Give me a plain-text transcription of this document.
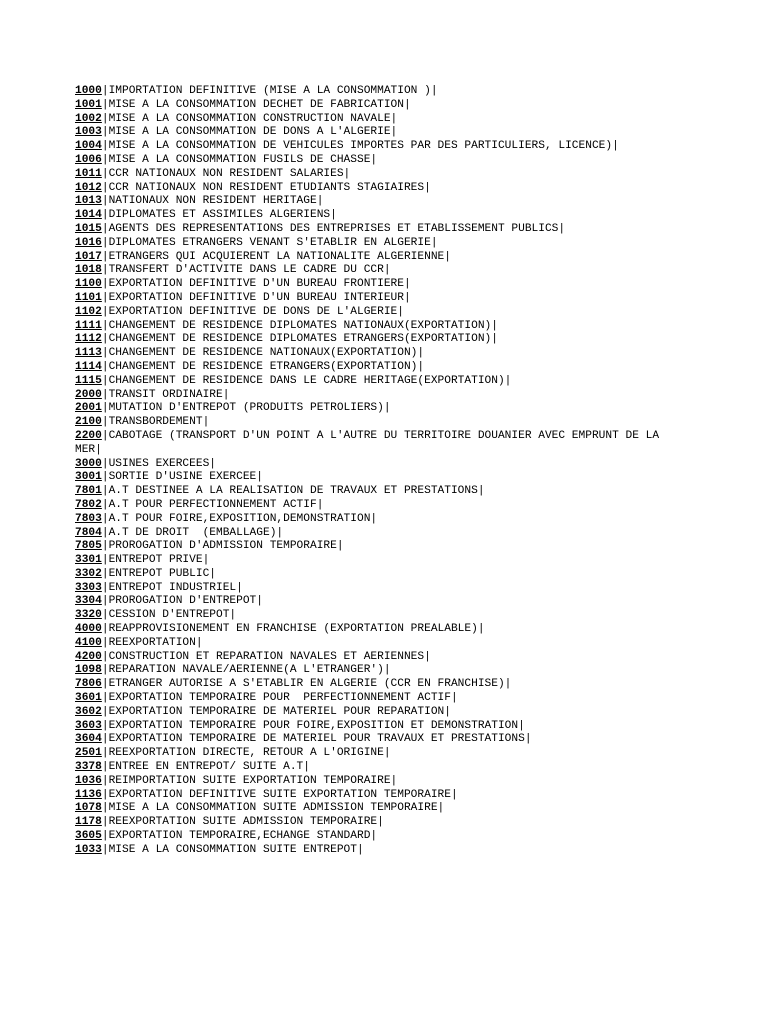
1000|IMPORTATION DEFINITIVE (MISE A LA CONSOMMATION )|
1001|MISE A LA CONSOMMATION DECHET DE FABRICATION|
1002|MISE A LA CONSOMMATION CONSTRUCTION NAVALE|
1003|MISE A LA CONSOMMATION DE DONS A L'ALGERIE|
1004|MISE A LA CONSOMMATION DE VEHICULES IMPORTES PAR DES PARTICULIERS, LICENCE)|
1006|MISE A LA CONSOMMATION FUSILS DE CHASSE|
1011|CCR NATIONAUX NON RESIDENT SALARIES|
1012|CCR NATIONAUX NON RESIDENT ETUDIANTS STAGIAIRES|
1013|NATIONAUX NON RESIDENT HERITAGE|
1014|DIPLOMATES ET ASSIMILES ALGERIENS|
1015|AGENTS DES REPRESENTATIONS DES ENTREPRISES ET ETABLISSEMENT PUBLICS|
1016|DIPLOMATES ETRANGERS VENANT S'ETABLIR EN ALGERIE|
1017|ETRANGERS QUI ACQUIERENT LA NATIONALITE ALGERIENNE|
1018|TRANSFERT D'ACTIVITE DANS LE CADRE DU CCR|
1100|EXPORTATION DEFINITIVE D'UN BUREAU FRONTIERE|
1101|EXPORTATION DEFINITIVE D'UN BUREAU INTERIEUR|
1102|EXPORTATION DEFINITIVE DE DONS DE L'ALGERIE|
1111|CHANGEMENT DE RESIDENCE DIPLOMATES NATIONAUX(EXPORTATION)|
1112|CHANGEMENT DE RESIDENCE DIPLOMATES ETRANGERS(EXPORTATION)|
1113|CHANGEMENT DE RESIDENCE NATIONAUX(EXPORTATION)|
1114|CHANGEMENT DE RESIDENCE ETRANGERS(EXPORTATION)|
1115|CHANGEMENT DE RESIDENCE DANS LE CADRE HERITAGE(EXPORTATION)|
2000|TRANSIT ORDINAIRE|
2001|MUTATION D'ENTREPOT (PRODUITS PETROLIERS)|
2100|TRANSBORDEMENT|
2200|CABOTAGE (TRANSPORT D'UN POINT A L'AUTRE DU TERRITOIRE DOUANIER AVEC EMPRUNT DE LA MER|
3000|USINES EXERCEES|
3001|SORTIE D'USINE EXERCEE|
7801|A.T DESTINEE A LA REALISATION DE TRAVAUX ET PRESTATIONS|
7802|A.T POUR PERFECTIONNEMENT ACTIF|
7803|A.T POUR FOIRE,EXPOSITION,DEMONSTRATION|
7804|A.T DE DROIT  (EMBALLAGE)|
7805|PROROGATION D'ADMISSION TEMPORAIRE|
3301|ENTREPOT PRIVE|
3302|ENTREPOT PUBLIC|
3303|ENTREPOT INDUSTRIEL|
3304|PROROGATION D'ENTREPOT|
3320|CESSION D'ENTREPOT|
4000|REAPPROVISIONEMENT EN FRANCHISE (EXPORTATION PREALABLE)|
4100|REEXPORTATION|
4200|CONSTRUCTION ET REPARATION NAVALES ET AERIENNES|
1098|REPARATION NAVALE/AERIENNE(A L'ETRANGER')|
7806|ETRANGER AUTORISE A S'ETABLIR EN ALGERIE (CCR EN FRANCHISE)|
3601|EXPORTATION TEMPORAIRE POUR  PERFECTIONNEMENT ACTIF|
3602|EXPORTATION TEMPORAIRE DE MATERIEL POUR REPARATION|
3603|EXPORTATION TEMPORAIRE POUR FOIRE,EXPOSITION ET DEMONSTRATION|
3604|EXPORTATION TEMPORAIRE DE MATERIEL POUR TRAVAUX ET PRESTATIONS|
2501|REEXPORTATION DIRECTE, RETOUR A L'ORIGINE|
3378|ENTREE EN ENTREPOT/ SUITE A.T|
1036|REIMPORTATION SUITE EXPORTATION TEMPORAIRE|
1136|EXPORTATION DEFINITIVE SUITE EXPORTATION TEMPORAIRE|
1078|MISE A LA CONSOMMATION SUITE ADMISSION TEMPORAIRE|
1178|REEXPORTATION SUITE ADMISSION TEMPORAIRE|
3605|EXPORTATION TEMPORAIRE,ECHANGE STANDARD|
1033|MISE A LA CONSOMMATION SUITE ENTREPOT|
